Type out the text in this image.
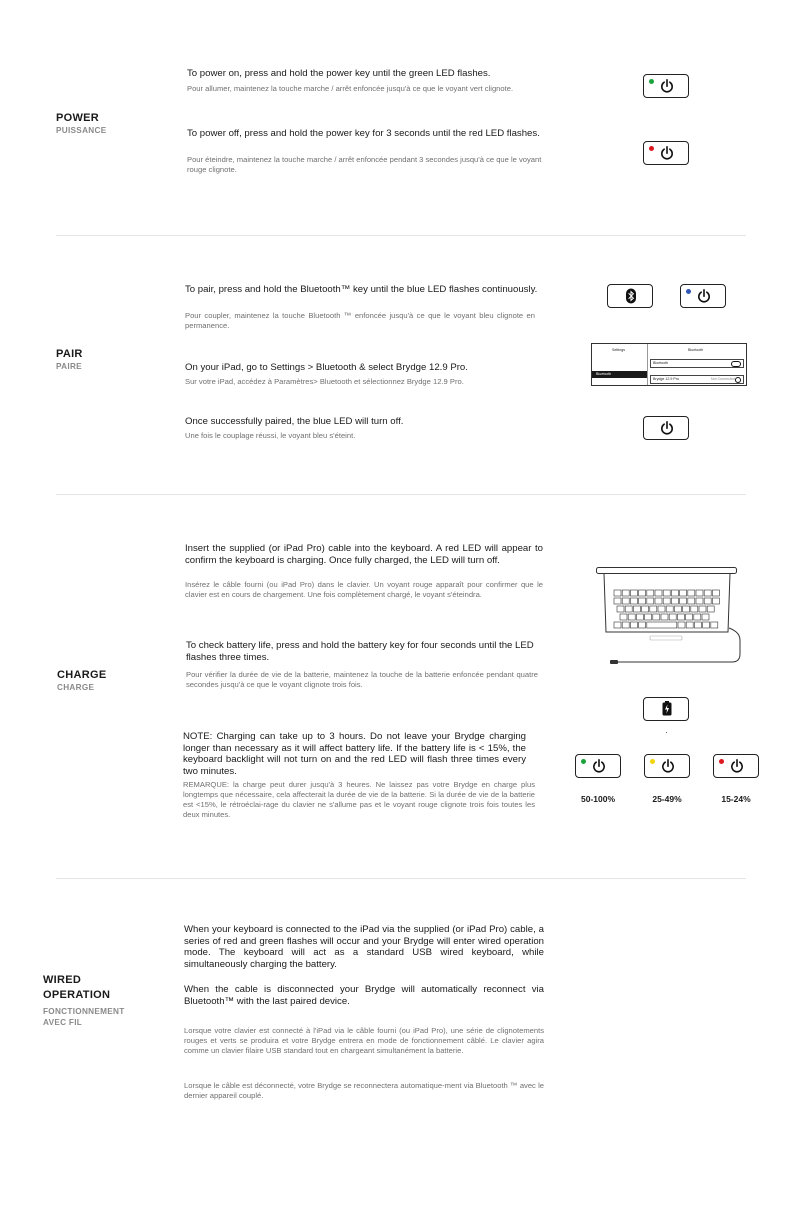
POWER
PUISSANCE
To power on, press and hold the power key until the green LED flashes.
Pour allumer, maintenez la touche marche / arrêt enfoncée jusqu'à ce que le voyant vert clignote.
To power off, press and hold the power key for 3 seconds until the red LED flashes.
Pour éteindre, maintenez la touche marche / arrêt enfoncée pendant 3 secondes jusqu'à ce que le voyant rouge clignote.
PAIR
PAIRE
To pair, press and hold the Bluetooth™ key until the blue LED flashes continuously.
Pour coupler, maintenez la touche Bluetooth ™ enfoncée jusqu'à ce que le voyant bleu clignote en permanence.
On your iPad, go to Settings > Bluetooth & select Brydge 12.9 Pro.
Sur votre iPad, accédez à Paramètres> Bluetooth et sélectionnez Brydge 12.9 Pro.
Once successfully paired, the blue LED will turn off.
Une fois le couplage réussi, le voyant bleu s'éteint.
Settings
Bluetooth
Bluetooth
Bluetooth
Brydge 12.9 Pro	Not Connected
CHARGE
CHARGE
Insert the supplied (or iPad Pro) cable into the keyboard. A red LED will appear to confirm the keyboard is charging. Once fully charged, the LED will turn off.
Insérez le câble fourni (ou iPad Pro) dans le clavier. Un voyant rouge apparaît pour confirmer que le clavier est en cours de chargement. Une fois complètement chargé, le voyant s'éteindra.
To check battery life, press and hold the battery key for four seconds until the LED flashes three times.
Pour vérifier la durée de vie de la batterie, maintenez la touche de la batterie enfoncée pendant quatre secondes jusqu'à ce que le voyant clignote trois fois.
NOTE: Charging can take up to 3 hours. Do not leave your Brydge charging longer than necessary as it will affect battery life. If the battery life is < 15%, the keyboard backlight will not turn on and the red LED will flash three times every two minutes.
REMARQUE: la charge peut durer jusqu'à 3 heures. Ne laissez pas votre Brydge en charge plus longtemps que nécessaire, cela affecterait la durée de vie de la batterie. Si la durée de vie de la batterie est <15%, le rétroéclai-rage du clavier ne s'allume pas et le voyant rouge clignote trois fois toutes les deux minutes.
50-100%	25-49%	15-24%
WIRED
OPERATION
FONCTIONNEMENT
AVEC FIL
When your keyboard is connected to the iPad via the supplied (or iPad Pro) cable, a series of red and green flashes will occur and your Brydge will enter wired operation mode. The keyboard will act as a standard USB wired keyboard, while simultaneously charging the battery.
When the cable is disconnected your Brydge will automatically reconnect via Bluetooth™ with the last paired device.
Lorsque votre clavier est connecté à l'iPad via le câble fourni (ou iPad Pro), une série de clignotements rouges et verts se produira et votre Brydge entrera en mode de fonctionnement câblé. Le clavier agira comme un clavier filaire USB standard tout en chargeant simultanément la batterie.
Lorsque le câble est déconnecté, votre Brydge se reconnectera automatique-ment via Bluetooth ™ avec le dernier appareil couplé.
